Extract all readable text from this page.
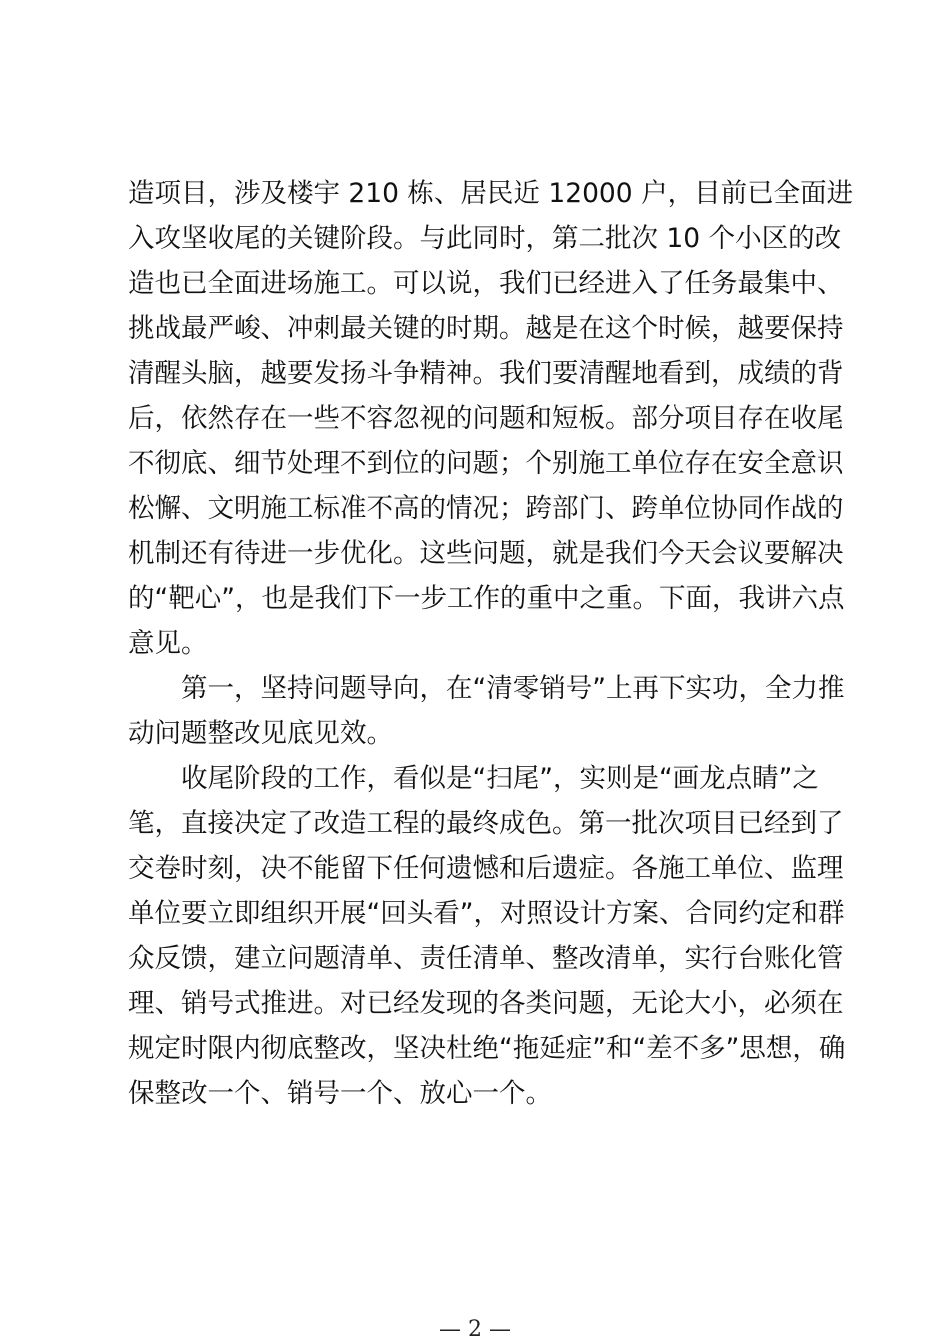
造项目，涉及楼宇 210 栋、居民近 12000 户，目前已全面进
入攻坚收尾的关键阶段。与此同时，第二批次 10 个小区的改
造也已全面进场施工。可以说，我们已经进入了任务最集中、
挑战最严峻、冲刺最关键的时期。越是在这个时候，越要保持
清醒头脑，越要发扬斗争精神。我们要清醒地看到，成绩的背
后，依然存在一些不容忽视的问题和短板。部分项目存在收尾
不彻底、细节处理不到位的问题；个别施工单位存在安全意识
松懈、文明施工标准不高的情况；跨部门、跨单位协同作战的
机制还有待进一步优化。这些问题，就是我们今天会议要解决
的“靶心”，也是我们下一步工作的重中之重。下面，我讲六点
意见。
　　第一，坚持问题导向，在“清零销号”上再下实功，全力推
动问题整改见底见效。
　　收尾阶段的工作，看似是“扫尾”，实则是“画龙点睛”之
笔，直接决定了改造工程的最终成色。第一批次项目已经到了
交卷时刻，决不能留下任何遗憾和后遗症。各施工单位、监理
单位要立即组织开展“回头看”，对照设计方案、合同约定和群
众反馈，建立问题清单、责任清单、整改清单，实行台账化管
理、销号式推进。对已经发现的各类问题，无论大小，必须在
规定时限内彻底整改，坚决杜绝“拖延症”和“差不多”思想，确
保整改一个、销号一个、放心一个。
— 2 —
